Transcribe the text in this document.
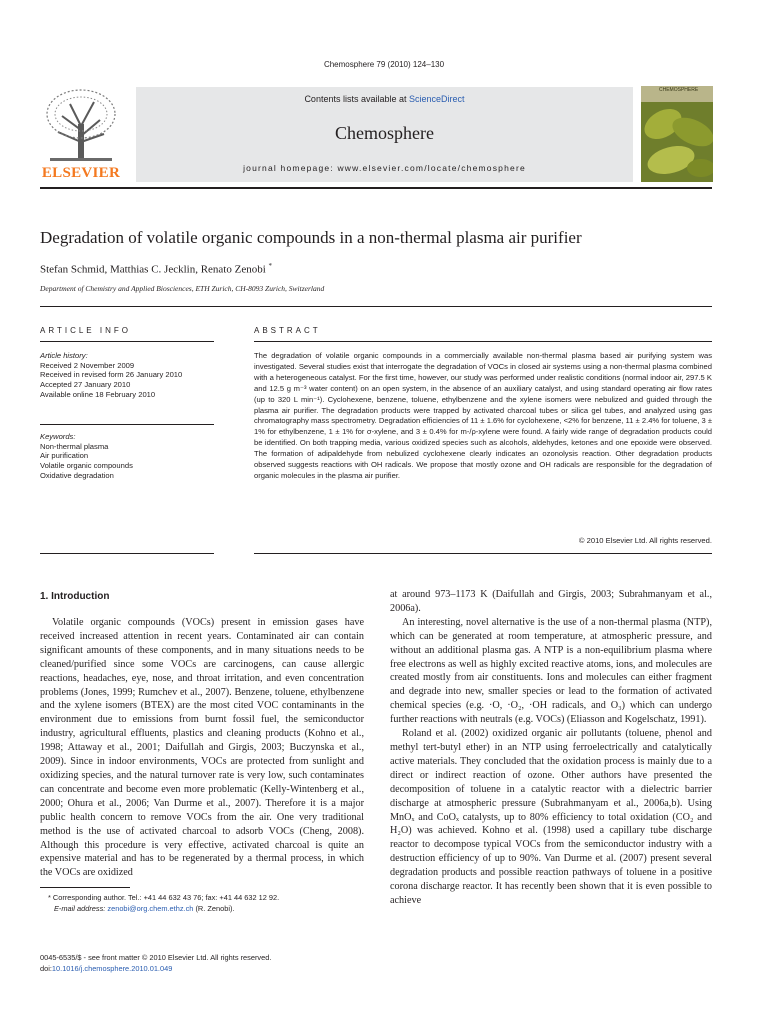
Chemosphere 79 (2010) 124–130
ELSEVIER
Contents lists available at ScienceDirect
Chemosphere
journal homepage: www.elsevier.com/locate/chemosphere
CHEMOSPHERE
Degradation of volatile organic compounds in a non-thermal plasma air purifier
Stefan Schmid, Matthias C. Jecklin, Renato Zenobi *
Department of Chemistry and Applied Biosciences, ETH Zurich, CH-8093 Zurich, Switzerland
ARTICLE INFO	ABSTRACT
Article history:
Received 2 November 2009
Received in revised form 26 January 2010
Accepted 27 January 2010
Available online 18 February 2010
Keywords:
Non-thermal plasma
Air purification
Volatile organic compounds
Oxidative degradation
The degradation of volatile organic compounds in a commercially available non-thermal plasma based air purifying system was investigated. Several studies exist that interrogate the degradation of VOCs in closed air systems using a non-thermal plasma combined with a heterogeneous catalyst. For the first time, however, our study was performed under realistic conditions (normal indoor air, 297.5 K and 12.5 g m⁻³ water content) on an open system, in the absence of an auxiliary catalyst, and using standard operating air flow rates (up to 320 L min⁻¹). Cyclohexene, benzene, toluene, ethylbenzene and the xylene isomers were nebulized and guided through the plasma air purifier. The degradation products were trapped by activated charcoal tubes or silica gel tubes, and analyzed using gas chromatography mass spectrometry. Degradation efficiencies of 11 ± 1.6% for cyclohexene, <2% for benzene, 11 ± 2.4% for toluene, 3 ± 1% for ethylbenzene, 1 ± 1% for σ-xylene, and 3 ± 0.4% for m-/ρ-xylene were found. A fairly wide range of degradation products could be identified. On both trapping media, various oxidized species such as alcohols, aldehydes, ketones and one epoxide were observed. The formation of adipaldehyde from nebulized cyclohexene clearly indicates an ozonolysis reaction. Other degradation products observed suggests reactions with OH radicals. We propose that mostly ozone and OH radicals are responsible for the degradation of organic molecules in the plasma air purifier.
© 2010 Elsevier Ltd. All rights reserved.
1. Introduction

Volatile organic compounds (VOCs) present in emission gases have received increased attention in recent years. Contaminated air can contain significant amounts of these components, and in many situations needs to be cleaned/purified since some VOCs are carcinogens, can cause allergic reactions, headaches, eye, nose, and throat irritation, and even concentration problems (Jones, 1999; Rumchev et al., 2007). Benzene, toluene, ethylbenzene and the xylene isomers (BTEX) are the most cited VOC contaminants in the environment due to emissions from burnt fossil fuel, the semiconductor industry, agricultural effluents, plastics and cleaning products (Kohno et al., 1998; Attaway et al., 2001; Daifullah and Girgis, 2003; Buczynska et al., 2009). Since in indoor environments, VOCs are protected from sunlight and oxidizing species, and the natural turnover rate is very low, such contaminates can concentrate and become even more problematic (Kelly-Wintenberg et al., 2000; Ohura et al., 2006; Van Durme et al., 2007). Therefore it is a major public health concern to remove VOCs from the air. One very traditional method is the use of activated charcoal to adsorb VOCs (Cheng, 2008). Although this procedure is very effective, activated charcoal is quite an expensive material and has to be regenerated by a thermal process, in which the VOCs are oxidized

at around 973–1173 K (Daifullah and Girgis, 2003; Subrahmanyam et al., 2006a).

An interesting, novel alternative is the use of a non-thermal plasma (NTP), which can be generated at room temperature, at atmospheric pressure, and without an additional plasma gas. A NTP is a non-equilibrium plasma where free electrons as well as highly excited reactive atoms, ions, and molecules are created mostly from air constituents. Ions and molecules can either fragment and degrade into new, smaller species or lead to the formation of activated chemical species (e.g. ·O, ·O₂, ·OH radicals, and O₃) which can undergo further reactions with neutrals (e.g. VOCs) (Eliasson and Kogelschatz, 1991).

Roland et al. (2002) oxidized organic air pollutants (toluene, phenol and methyl tert-butyl ether) in an NTP using ferroelectrically and catalytically active materials. They concluded that the oxidation process is mainly due to a direct or indirect reaction of ozone. Other authors have presented the decomposition of toluene in a catalytic reactor with a dielectric barrier discharge at atmospheric pressure (Subrahmanyam et al., 2006a,b). Using MnOₓ and CoOₓ catalysts, up to 80% efficiency to total oxidation (CO₂ and H₂O) was achieved. Kohno et al. (1998) used a capillary tube discharge reactor to decompose typical VOCs from the semiconductor industry with a destruction efficiency of up to 90%. Van Durme et al. (2007) present several degradation products and possible reaction pathways of toluene in a positive corona discharge reactor. It has recently been shown that it is even possible to achieve

* Corresponding author. Tel.: +41 44 632 43 76; fax: +41 44 632 12 92.
E-mail address: zenobi@org.chem.ethz.ch (R. Zenobi).
0045-6535/$ - see front matter © 2010 Elsevier Ltd. All rights reserved.
doi:10.1016/j.chemosphere.2010.01.049
